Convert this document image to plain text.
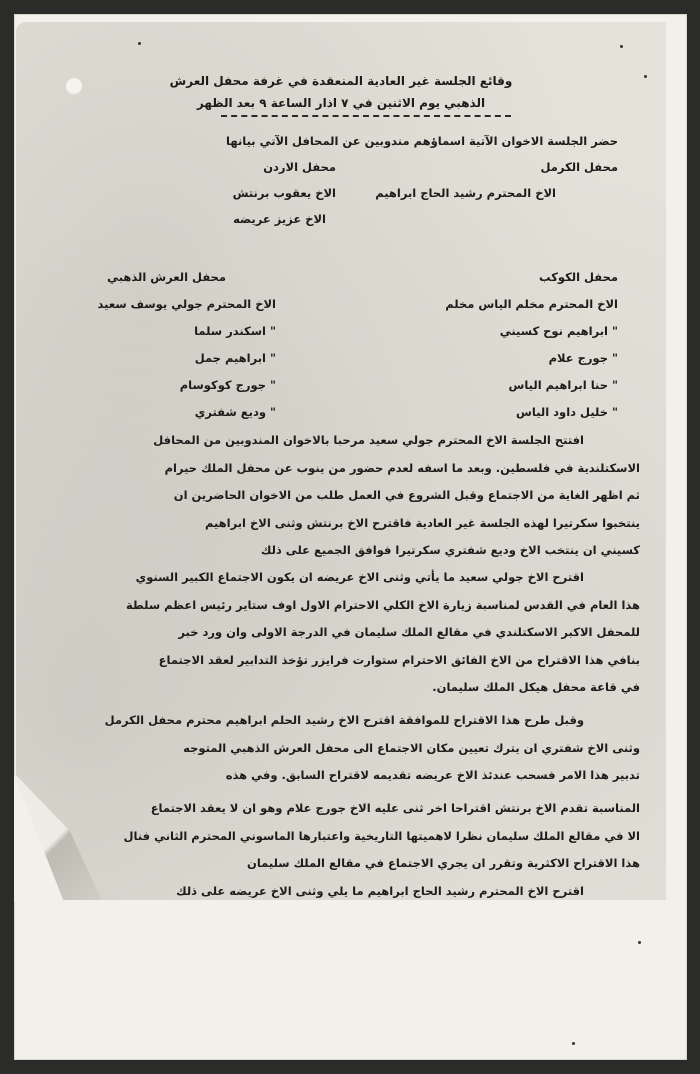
وقائع الجلسة غير العادية المنعقدة في غرفة محفل العرش
الذهبي يوم الاثنين في ٧ اذار الساعة ٩ بعد الظهر
حضر الجلسة الاخوان الآتية اسماؤهم مندوبين عن المحافل الآتي بيانها
محفل الكرمل
محفل الاردن
الاخ المحترم رشيد الحاج ابراهيم
الاخ يعقوب برنتش
الاخ عزيز عريضه
محفل الكوكب
محفل العرش الذهبي
الاخ المحترم مخلم الياس مخلم
" ابراهيم نوح كسيني
" جورج علام
" حنا ابراهيم الياس
" خليل داود الياس
الاخ المحترم جولي يوسف سعيد
" اسكندر سلما
" ابراهيم جمل
" جورج كوكوسام
" وديع شفتري
افتتح الجلسة الاخ المحترم جولي سعيد مرحبا بالاخوان المندوبين من المحافل
الاسكتلندية في فلسطين. وبعد ما اسفه لعدم حضور من ينوب عن محفل الملك حيرام
ثم اظهر الغاية من الاجتماع وقبل الشروع في العمل طلب من الاخوان الحاضرين ان
ينتخبوا سكرتيرا لهذه الجلسة غير العادية فاقترح الاخ برنتش وثنى الاخ ابراهيم
كسيني ان ينتخب الاخ وديع شفتري سكرتيرا فوافق الجميع على ذلك
اقترح الاخ جولي سعيد ما يأتي وثنى الاخ عريضه ان يكون الاجتماع الكبير السنوي
هذا العام في القدس لمناسبة زيارة الاخ الكلي الاحترام الاول اوف ستاير رئيس اعظم سلطة
للمحفل الاكبر الاسكتلندي في مقالع الملك سليمان في الدرجة الاولى وان ورد خبر
بنافي هذا الاقتراح من الاخ الفائق الاحترام ستوارت فرايزر تؤخذ التدابير لعقد الاجتماع
في قاعة محفل هيكل الملك سليمان.
وقبل طرح هذا الاقتراح للموافقة اقترح الاخ رشيد الحلم ابراهيم محترم محفل الكرمل
وثنى الاخ شفتري ان يترك تعيين مكان الاجتماع الى محفل العرش الذهبي المتوجه
تدبير هذا الامر فسحب عندئذ الاخ عريضه تقديمه لاقتراح السابق. وفي هذه
المناسبة تقدم الاخ برنتش اقتراحا اخر ثنى عليه الاخ جورج علام وهو ان لا يعقد الاجتماع
الا في مقالع الملك سليمان نظرا لاهميتها التاريخية واعتبارها الماسوني المحترم الثاني فنال
هذا الاقتراح الاكثرية وتقرر ان يجري الاجتماع في مقالع الملك سليمان
اقترح الاخ المحترم رشيد الحاج ابراهيم ما يلي وثنى الاخ عريضه على ذلك
